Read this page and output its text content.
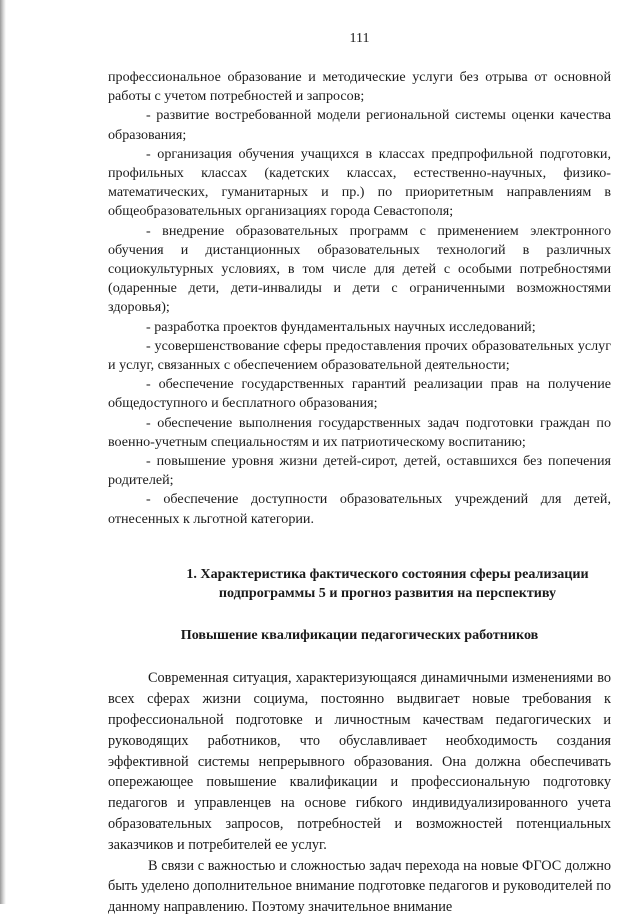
111

профессиональное образование и методические услуги без отрыва от основной работы с учетом потребностей и запросов;

- развитие востребованной модели региональной системы оценки качества образования;

- организация обучения учащихся в классах предпрофильной подготовки, профильных классах (кадетских классах, естественно-научных, физико-математических, гуманитарных и пр.) по приоритетным направлениям в общеобразовательных организациях города Севастополя;

- внедрение образовательных программ с применением электронного обучения и дистанционных образовательных технологий в различных социокультурных условиях, в том числе для детей с особыми потребностями (одаренные дети, дети-инвалиды и дети с ограниченными возможностями здоровья);

- разработка проектов фундаментальных научных исследований;

- усовершенствование сферы предоставления прочих образовательных услуг и услуг, связанных с обеспечением образовательной деятельности;

- обеспечение государственных гарантий реализации прав на получение общедоступного и бесплатного образования;

- обеспечение выполнения государственных задач подготовки граждан по военно-учетным специальностям и их патриотическому воспитанию;

- повышение уровня жизни детей-сирот, детей, оставшихся без попечения родителей;

- обеспечение доступности образовательных учреждений для детей, отнесенных к льготной категории.

1. Характеристика фактического состояния сферы реализации
подпрограммы 5 и прогноз развития на перспективу
Повышение квалификации педагогических работников

Современная ситуация, характеризующаяся динамичными изменениями во всех сферах жизни социума, постоянно выдвигает новые требования к профессиональной подготовке и личностным качествам педагогических и руководящих работников, что обуславливает необходимость создания эффективной системы непрерывного образования. Она должна обеспечивать опережающее повышение квалификации и профессиональную подготовку педагогов и управленцев на основе гибкого индивидуализированного учета образовательных запросов, потребностей и возможностей потенциальных заказчиков и потребителей ее услуг.

В связи с важностью и сложностью задач перехода на новые ФГОС должно быть уделено дополнительное внимание подготовке педагогов и руководителей по данному направлению. Поэтому значительное внимание
